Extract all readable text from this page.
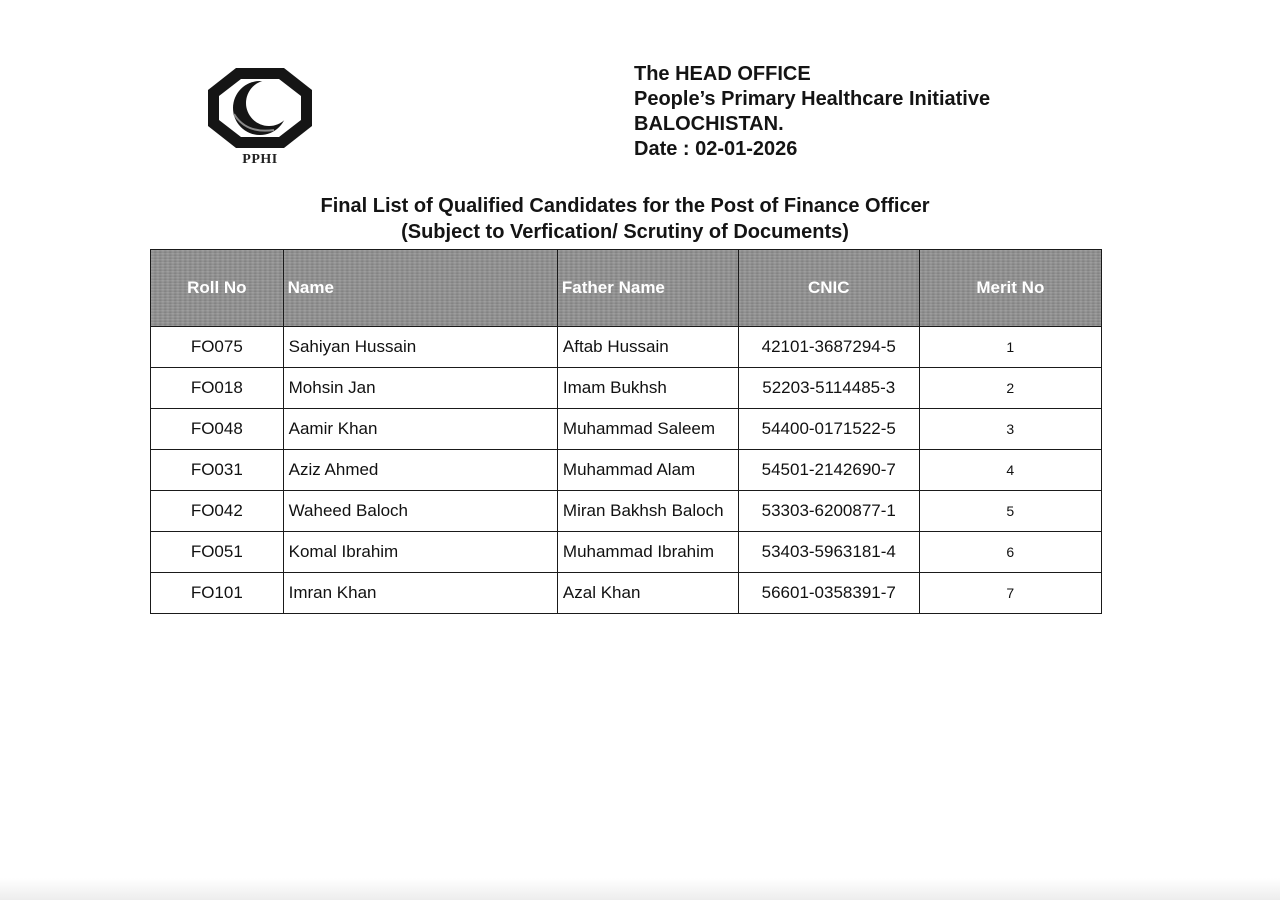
PPHI
The HEAD OFFICE
People’s Primary Healthcare Initiative
BALOCHISTAN.
Date : 02-01-2026
Final List of Qualified Candidates for the Post of Finance Officer
(Subject to Verfication/ Scrutiny of Documents)
Roll No	Name	Father Name	CNIC	Merit No
FO075	Sahiyan Hussain	Aftab Hussain	42101-3687294-5	1
FO018	Mohsin Jan	Imam Bukhsh	52203-5114485-3	2
FO048	Aamir Khan	Muhammad Saleem	54400-0171522-5	3
FO031	Aziz Ahmed	Muhammad Alam	54501-2142690-7	4
FO042	Waheed Baloch	Miran Bakhsh Baloch	53303-6200877-1	5
FO051	Komal Ibrahim	Muhammad Ibrahim	53403-5963181-4	6
FO101	Imran Khan	Azal Khan	56601-0358391-7	7
